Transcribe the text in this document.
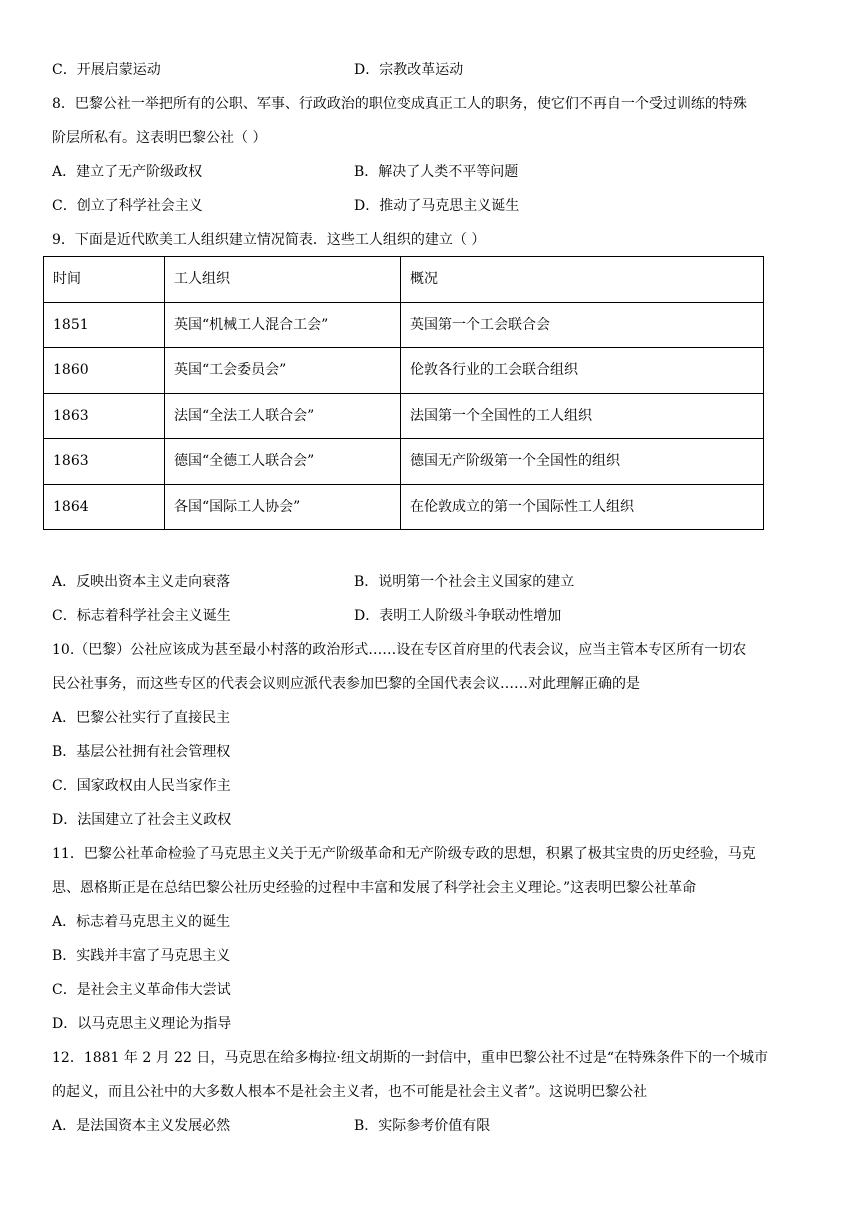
C．开展启蒙运动	D．宗教改革运动
8．巴黎公社一举把所有的公职、军事、行政政治的职位变成真正工人的职务，使它们不再自一个受过训练的特殊
阶层所私有。这表明巴黎公社（ ）
A．建立了无产阶级政权	B．解决了人类不平等问题
C．创立了科学社会主义	D．推动了马克思主义诞生
9．下面是近代欧美工人组织建立情况简表．这些工人组织的建立（ ）
时间	工人组织	概况
1851	英国“机械工人混合工会”	英国第一个工会联合会
1860	英国“工会委员会”	伦敦各行业的工会联合组织
1863	法国“全法工人联合会”	法国第一个全国性的工人组织
1863	德国“全德工人联合会”	德国无产阶级第一个全国性的组织
1864	各国“国际工人协会”	在伦敦成立的第一个国际性工人组织
A．反映出资本主义走向衰落	B．说明第一个社会主义国家的建立
C．标志着科学社会主义诞生	D．表明工人阶级斗争联动性增加
10.（巴黎）公社应该成为甚至最小村落的政治形式……设在专区首府里的代表会议，应当主管本专区所有一切农
民公社事务，而这些专区的代表会议则应派代表参加巴黎的全国代表会议……对此理解正确的是
A．巴黎公社实行了直接民主
B．基层公社拥有社会管理权
C．国家政权由人民当家作主
D．法国建立了社会主义政权
11．巴黎公社革命检验了马克思主义关于无产阶级革命和无产阶级专政的思想，积累了极其宝贵的历史经验，马克
思、恩格斯正是在总结巴黎公社历史经验的过程中丰富和发展了科学社会主义理论。”这表明巴黎公社革命
A．标志着马克思主义的诞生
B．实践并丰富了马克思主义
C．是社会主义革命伟大尝试
D．以马克思主义理论为指导
12．1881 年 2 月 22 日，马克思在给多梅拉·纽文胡斯的一封信中，重申巴黎公社不过是“在特殊条件下的一个城市
的起义，而且公社中的大多数人根本不是社会主义者，也不可能是社会主义者”。这说明巴黎公社
A．是法国资本主义发展必然	B．实际参考价值有限
